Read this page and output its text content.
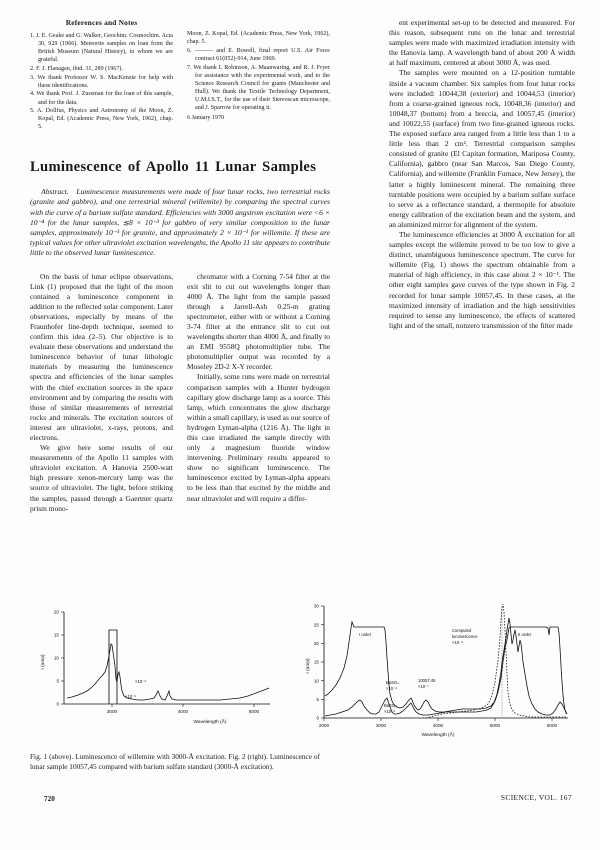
References and Notes

1. J. E. Geake and G. Walker, Geochim. Cosmochim. Acta 30, 929 (1966). Meteorite samples on loan from the British Museum (Natural History), to whom we are grateful.

2. F. J. Flanagan, ibid. 31, 289 (1967).

3. We thank Professor W. S. MacKenzie for help with these identifications.

4. We thank Prof. J. Zussman for the loan of this sample, and for the data.

5. A. Dollfus, Physics and Astronomy of the Moon, Z. Kopal, Ed. (Academic Press, New York, 1962), chap. 5.

Moon, Z. Kopal, Ed. (Academic Press, New York, 1962), chap. 5.

6. ——— and E. Bowell, final report U.S. Air Force contract 61(052)-914, June 1969.

7. We thank I. Robinson, A. Maanwaring, and R. J. Fryer for assistance with the experimental work, and to the Science Research Council for grants (Manchester and Hull). We thank the Textile Technology Department, U.M.I.S.T., for the use of their Stereoscan microscope, and J. Sparrow for operating it.

6 January 1970

Luminescence of Apollo 11 Lunar Samples

Abstract. Luminescence measurements were made of four lunar rocks, two terrestrial rocks (granite and gabbro), and one terrestrial mineral (willemite) by comparing the spectral curves with the curve of a barium sulfate standard. Efficiencies with 3000 angstrom excitation were <6 × 10⁻⁴ for the lunar samples, ≲8 × 10⁻³ for gabbro of very similar composition to the lunar samples, approximately 10⁻³ for granite, and approximately 2 × 10⁻¹ for willemite. If these are typical values for other ultraviolet excitation wavelengths, the Apollo 11 site appears to contribute little to the observed lunar luminescence.

On the basis of lunar eclipse observations, Link (1) proposed that the light of the moon contained a luminescence component in addition to the reflected solar component. Later observations, especially by means of the Fraunhofer line-depth technique, seemed to confirm this idea (2–5). Our objective is to evaluate these observations and understand the luminescence behavior of lunar lithologic materials by measuring the luminescence spectra and efficiencies of the lunar samples with the chief excitation sources in the space environment and by comparing the results with those of similar measurements of terrestrial rocks and minerals. The excitation sources of interest are ultraviolet, x-rays, protons, and electrons.

We give here some results of our measurements of the Apollo 11 samples with ultraviolet excitation. A Hanovia 2500-watt high pressure xenon-mercury lamp was the source of ultraviolet. The light, before striking the samples, passed through a Gaertner quartz prism mono-

chromator with a Corning 7-54 filter at the exit slit to cut out wavelengths longer than 4000 Å. The light from the sample passed through a Jarrell-Ash 0.25-m grating spectrometer, either with or without a Corning 3-74 filter at the entrance slit to cut out wavelengths shorter than 4000 Å, and finally to an EMI 9558Q photomultiplier tube. The photomultiplier output was recorded by a Moseley 2D-2 X-Y recorder.

Initially, some runs were made on terrestrial comparison samples with a Hunter hydrogen capillary glow discharge lamp as a source. This lamp, which concentrates the glow discharge within a small capillary, is used as our source of hydrogen Lyman-alpha (1216 Å). The light in this case irradiated the sample directly with only a magnesium fluoride window intervening. Preliminary results appeared to show no significant luminescence. The luminescence excited by Lyman-alpha appears to be less than that excited by the middle and near ultraviolet and will require a differ-

ent experimental set-up to be detected and measured. For this reason, subsequent runs on the lunar and terrestrial samples were made with maximized irradiation intensity with the Hanovia lamp. A wavelength band of about 200 Å width at half maximum, centered at about 3000 Å, was used.

The samples were mounted on a 12-position turntable inside a vacuum chamber. Six samples from four lunar rocks were included: 10044,38 (exterior) and 10044,53 (interior) from a coarse-grained igneous rock, 10048,36 (interior) and 10048,37 (bottom) from a breccia, and 10057,45 (interior) and 10022,55 (surface) from two fine-grained igneous rocks. The exposed surface area ranged from a little less than 1 to a little less than 2 cm². Terrestrial comparison samples consisted of granite (El Capitan formation, Mariposa County, California), gabbro (near San Marcos, San Diego County, California), and willemite (Franklin Furnace, New Jersey), the latter a highly luminescent mineral. The remaining three turntable positions were occupied by a barium sulfate surface to serve as a reflectance standard, a thermopile for absolute energy calibration of the excitation beam and the system, and an aluminized mirror for alignment of the system.

The luminescence efficiencies at 3000 Å excitation for all samples except the willemite proved to be too low to give a distinct, unambiguous luminescence spectrum. The curve for willemite (Fig. 1) shows the spectrum obtainable from a material of high efficiency, in this case about 2 × 10⁻¹. The other eight samples gave curves of the type shown in Fig. 2 recorded for lunar sample 10057,45. In these cases, at the maximized intensity of irradiation and the high sensitivities required to sense any luminescence, the effects of scattered light and of the small, nonzero transmission of the filter made

0
5
10
15
20
3000	4000	5000
Wavelength (Å)
I (amp)
×10⁻⁸
×10⁻⁹
0
5
10
15
20
25
30
2000	3000	4000	5000	6000
Wavelength (Å)
I (amp)
I order	II order
Computed
luminescence
×10⁻⁶
BaSO₄
×10⁻⁶
10057,45
×10⁻⁷
BaSO₄
×10⁻⁸
Fig. 1 (above). Luminescence of willemite with 3000-Å excitation. Fig. 2 (right). Luminescence of lunar sample 10057,45 compared with barium sulfate standard (3000-Å excitation).
720	SCIENCE, VOL. 167
